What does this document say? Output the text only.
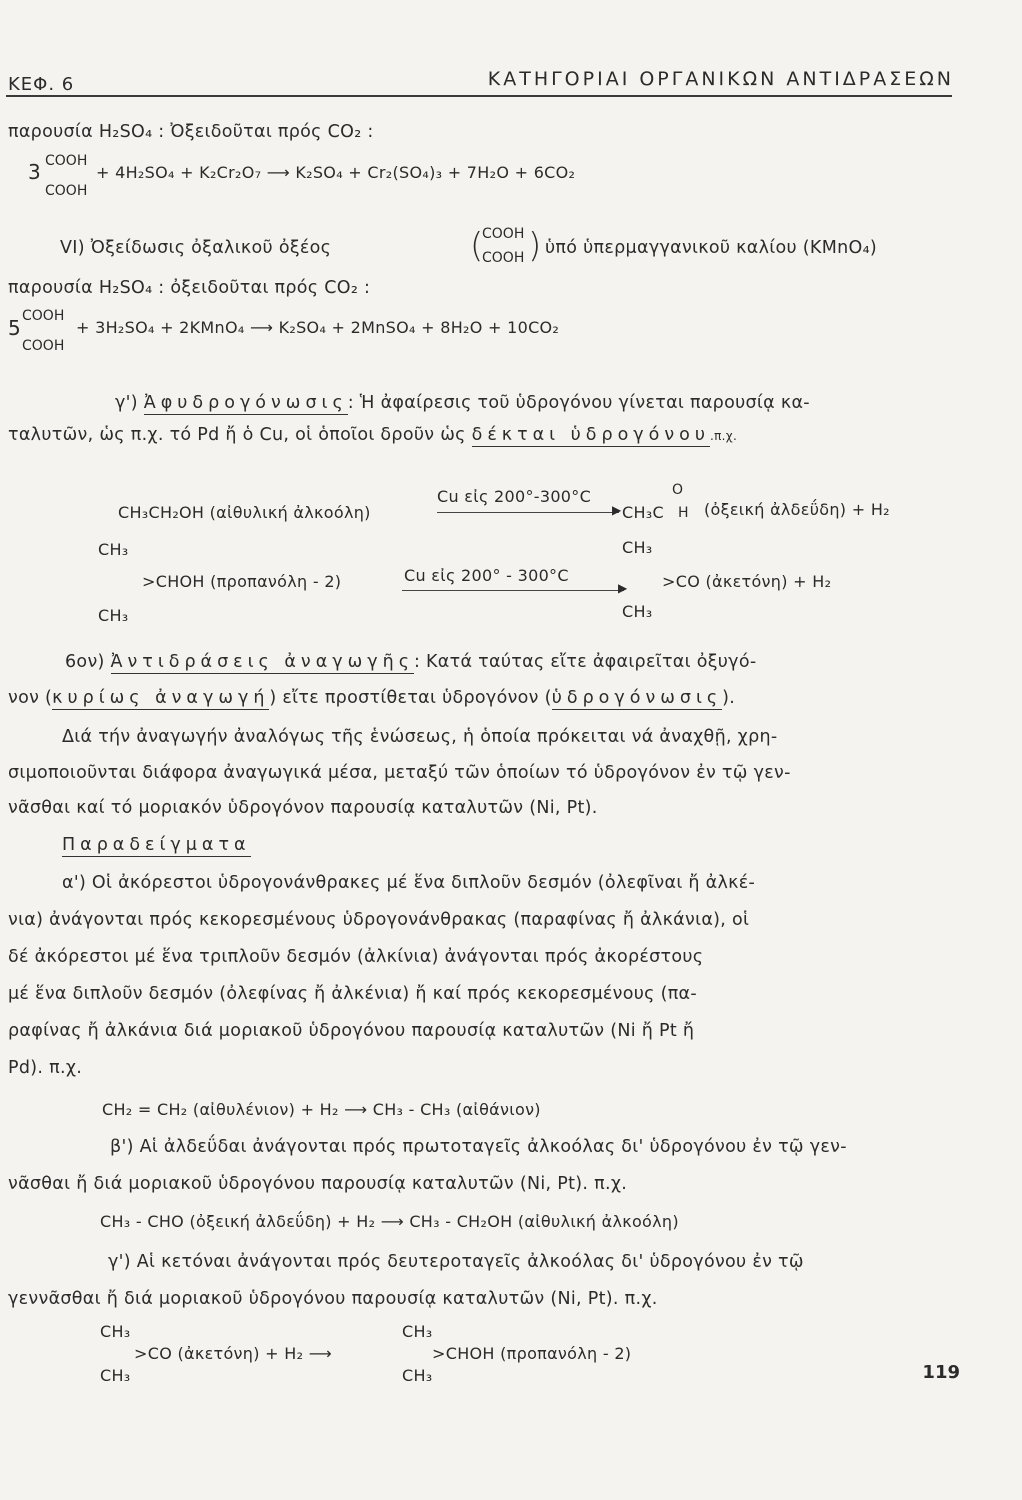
ΚΕΦ. 6	ΚΑΤΗΓΟΡΙΑΙ ΟΡΓΑΝΙΚΩΝ ΑΝΤΙΔΡΑΣΕΩΝ
παρουσία H₂SO₄ : Ὀξειδοῦται πρός CO₂ :
3 COOH
COOH
+ 4H₂SO₄ + K₂Cr₂O₇ ⟶ K₂SO₄ + Cr₂(SO₄)₃ + 7H₂O + 6CO₂
VI) Ὀξείδωσις ὀξαλικοῦ ὀξέος	(
COOH
COOH ) ὑπό ὑπερμαγγανικοῦ καλίου (KMnO₄)
παρουσία H₂SO₄ : ὀξειδοῦται πρός CO₂ :
5 COOH
COOH
+ 3H₂SO₄ + 2KMnO₄ ⟶ K₂SO₄ + 2MnSO₄ + 8H₂O + 10CO₂
γ') Ἀφυδρογόνωσις: Ἡ ἀφαίρεσις τοῦ ὑδρογόνου γίνεται παρουσίᾳ κα-
ταλυτῶν, ὡς π.χ. τό Pd ἤ ὁ Cu, οἱ ὁποῖοι δροῦν ὡς δέκται ὑδρογόνου.π.χ.
CH₃CH₂OH (αἰθυλική ἀλκοόλη)
Cu εἰς 200°-300°C
▶ CH₃C
O
H (ὀξεική ἀλδεΰδη) + H₂
CH₃
>CHOH (προπανόλη - 2)
CH₃
Cu εἰς 200° - 300°C
▶
CH₃
>CO (ἀκετόνη) + H₂
CH₃
6ον) Ἀντιδράσεις ἀναγωγῆς: Κατά ταύτας εἴτε ἀφαιρεῖται ὀξυγό-
νον (κυρίως ἀναγωγή) εἴτε προστίθεται ὑδρογόνον (ὑδρογόνωσις).
Διά τήν ἀναγωγήν ἀναλόγως τῆς ἑνώσεως, ἡ ὁποία πρόκειται νά ἀναχθῇ, χρη-
σιμοποιοῦνται διάφορα ἀναγωγικά μέσα, μεταξύ τῶν ὁποίων τό ὑδρογόνον ἐν τῷ γεν-
νᾶσθαι καί τό μοριακόν ὑδρογόνον παρουσίᾳ καταλυτῶν (Ni, Pt).
Παραδείγματα
α') Οἱ ἀκόρεστοι ὑδρογονάνθρακες μέ ἕνα διπλοῦν δεσμόν (ὀλεφῖναι ἤ ἀλκέ-
νια) ἀνάγονται πρός κεκορεσμένους ὑδρογονάνθρακας (παραφίνας ἤ ἀλκάνια), οἱ
δέ ἀκόρεστοι μέ ἕνα τριπλοῦν δεσμόν (ἀλκίνια) ἀνάγονται πρός ἀκορέστους
μέ ἕνα διπλοῦν δεσμόν (ὀλεφίνας ἤ ἀλκένια) ἤ καί πρός κεκορεσμένους (πα-
ραφίνας ἤ ἀλκάνια διά μοριακοῦ ὑδρογόνου παρουσίᾳ καταλυτῶν (Ni ἤ Pt ἤ
Pd). π.χ.
CH₂ = CH₂ (αἰθυλένιον) + H₂ ⟶ CH₃ - CH₃ (αἰθάνιον)
β') Αἱ ἀλδεΰδαι ἀνάγονται πρός πρωτοταγεῖς ἀλκοόλας δι' ὑδρογόνου ἐν τῷ γεν-
νᾶσθαι ἤ διά μοριακοῦ ὑδρογόνου παρουσίᾳ καταλυτῶν (Ni, Pt). π.χ.
CH₃ - CHO (ὀξεική ἀλδεΰδη) + H₂ ⟶ CH₃ - CH₂OH (αἰθυλική ἀλκοόλη)
γ') Αἱ κετόναι ἀνάγονται πρός δευτεροταγεῖς ἀλκοόλας δι' ὑδρογόνου ἐν τῷ
γεννᾶσθαι ἤ διά μοριακοῦ ὑδρογόνου παρουσίᾳ καταλυτῶν (Ni, Pt). π.χ.
CH₃
>CO (ἀκετόνη) + H₂ ⟶
CH₃
CH₃
>CHOH (προπανόλη - 2)
CH₃	119
